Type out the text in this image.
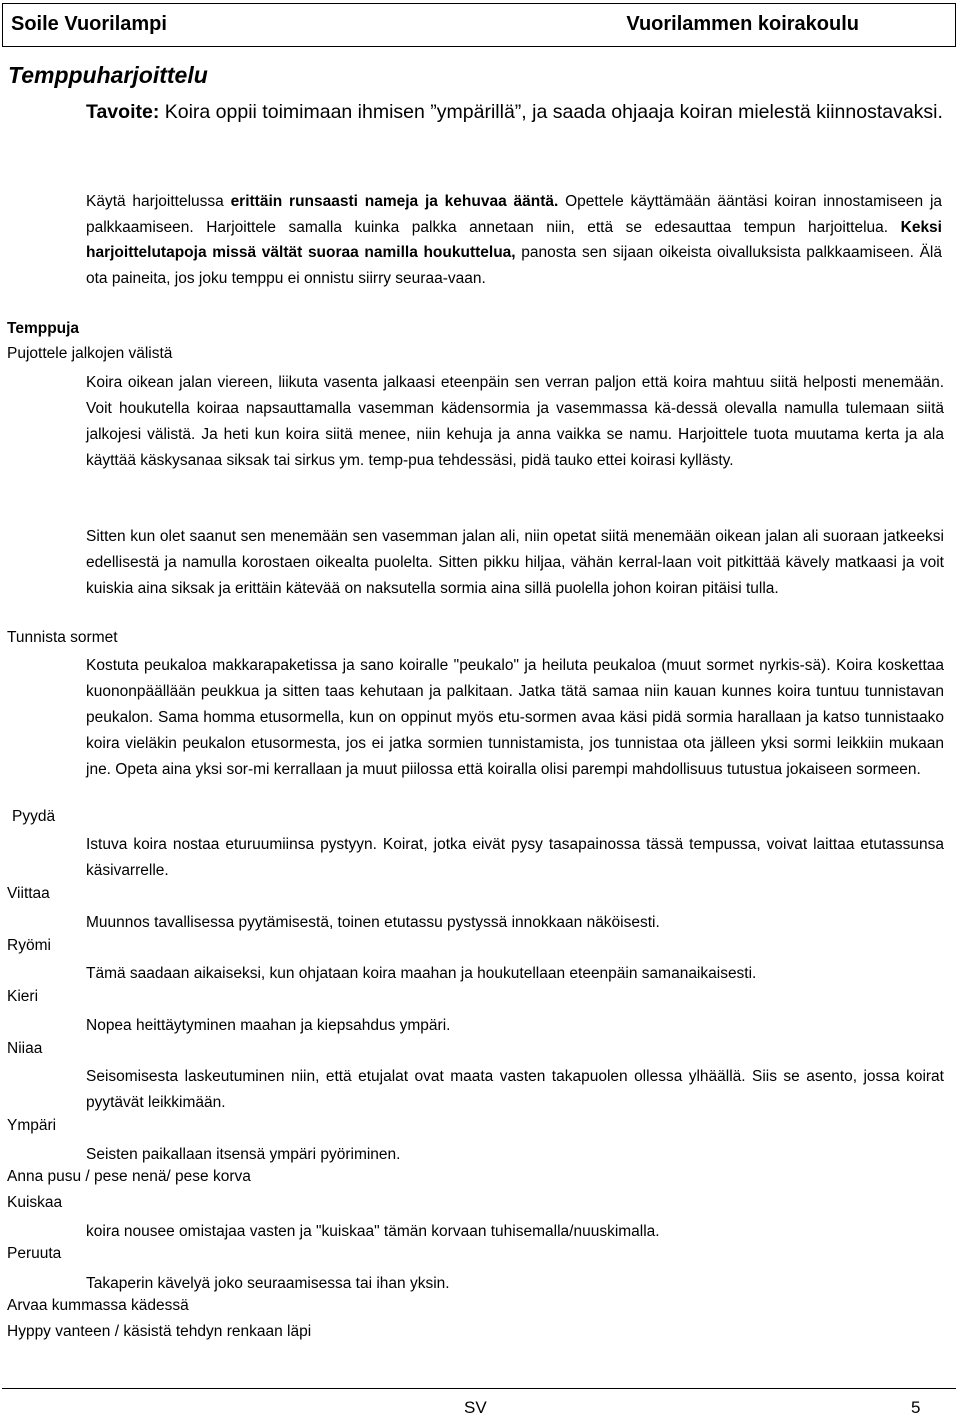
Soile Vuorilampi	Vuorilammen koirakoulu
Temppuharjoittelu
Tavoite: Koira oppii toimimaan ihmisen ”ympärillä”, ja saada ohjaaja koiran mielestä kiinnostavaksi.
Käytä harjoittelussa erittäin runsaasti nameja ja kehuvaa ääntä. Opettele käyttämään ääntäsi koiran innostamiseen ja palkkaamiseen. Harjoittele samalla kuinka palkka annetaan niin, että se edesauttaa tempun harjoittelua. Keksi harjoittelutapoja missä vältät suoraa namilla houkuttelua, panosta sen sijaan oikeista oivalluksista palkkaamiseen. Älä ota paineita, jos joku temppu ei onnistu siirry seuraa-vaan.
Temppuja
Pujottele jalkojen välistä
Koira oikean jalan viereen, liikuta vasenta jalkaasi eteenpäin sen verran paljon että koira mahtuu siitä helposti menemään. Voit houkutella koiraa napsauttamalla vasemman kädensormia ja vasemmassa kä-dessä olevalla namulla tulemaan siitä jalkojesi välistä. Ja heti kun koira siitä menee, niin kehuja ja anna vaikka se namu. Harjoittele tuota muutama kerta ja ala käyttää käskysanaa siksak tai sirkus ym. temp-pua tehdessäsi, pidä tauko ettei koirasi kyllästy.
Sitten kun olet saanut sen menemään sen vasemman jalan ali, niin opetat siitä menemään oikean jalan ali suoraan jatkeeksi edellisestä ja namulla korostaen oikealta puolelta. Sitten pikku hiljaa, vähän kerral-laan voit pitkittää kävely matkaasi ja voit kuiskia aina siksak ja erittäin kätevää on naksutella sormia aina sillä puolella johon koiran pitäisi tulla.
Tunnista sormet
Kostuta peukaloa makkarapaketissa ja sano koiralle "peukalo" ja heiluta peukaloa (muut sormet nyrkis-sä). Koira koskettaa kuononpäällään peukkua ja sitten taas kehutaan ja palkitaan. Jatka tätä samaa niin kauan kunnes koira tuntuu tunnistavan peukalon. Sama homma etusormella, kun on oppinut myös etu-sormen avaa käsi pidä sormia harallaan ja katso tunnistaako koira vieläkin peukalon etusormesta, jos ei jatka sormien tunnistamista, jos tunnistaa ota jälleen yksi sormi leikkiin mukaan jne. Opeta aina yksi sor-mi kerrallaan ja muut piilossa että koiralla olisi parempi mahdollisuus tutustua jokaiseen sormeen.
Pyydä
Istuva koira nostaa eturuumiinsa pystyyn. Koirat, jotka eivät pysy tasapainossa tässä tempussa, voivat laittaa etutassunsa käsivarrelle.
Viittaa
Muunnos tavallisessa pyytämisestä, toinen etutassu pystyssä innokkaan näköisesti.
Ryömi
Tämä saadaan aikaiseksi, kun ohjataan koira maahan ja houkutellaan eteenpäin samanaikaisesti.
Kieri
Nopea heittäytyminen maahan ja kiepsahdus ympäri.
Niiaa
Seisomisesta laskeutuminen niin, että etujalat ovat maata vasten takapuolen ollessa ylhäällä. Siis se asento, jossa koirat pyytävät leikkimään.
Ympäri
Seisten paikallaan itsensä ympäri pyöriminen.
Anna pusu / pese nenä/ pese korva
Kuiskaa
koira nousee omistajaa vasten ja "kuiskaa" tämän korvaan tuhisemalla/nuuskimalla.
Peruuta
Takaperin kävelyä joko seuraamisessa tai ihan yksin.
Arvaa kummassa kädessä
Hyppy vanteen / käsistä tehdyn renkaan läpi
SV	5
